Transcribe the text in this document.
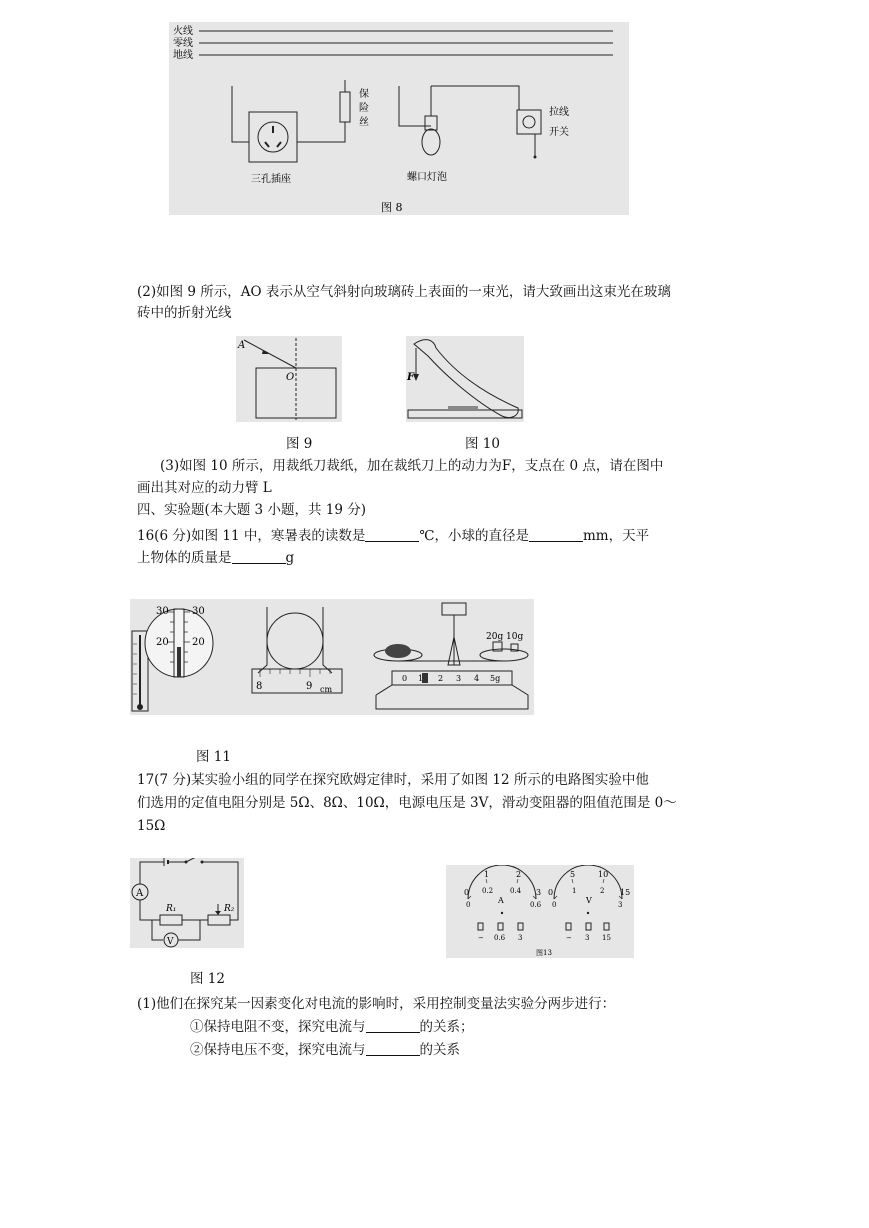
火线
零线
地线
保
险
丝
三孔插座	螺口灯泡
拉线
开关
图 8
(2)如图 9 所示，AO 表示从空气斜射向玻璃砖上表面的一束光，请大致画出这束光在玻璃
砖中的折射光线
A
O
图 9
F
图 10
(3)如图 10 所示，用裁纸刀裁纸，加在裁纸刀上的动力为F，支点在 0 点，请在图中
画出其对应的动力臂 L
四、实验题(本大题 3 小题，共 19 分)
16(6 分)如图 11 中，寒暑表的读数是	℃，小球的直径是	mm，天平
上物体的质量是	g
30 30
20 20
8	9 cm
20g 10g
0 1 2 3 4 5g
图 11
17(7 分)某实验小组的同学在探究欧姆定律时，采用了如图 12 所示的电路图实验中他
们选用的定值电阻分别是 5Ω、8Ω、10Ω，电源电压是 3V，滑动变阻器的阻值范围是 0～
15Ω
A
R₁	R₂
V
图 12
0
1	2
3
0
0.2 0.4
0.6
A
− 0.6 3
0
5	10
15
0
1	2
3
V
− 3 15
图13
(1)他们在探究某一因素变化对电流的影响时，采用控制变量法实验分两步进行：
①保持电阻不变，探究电流与	的关系；
②保持电压不变，探究电流与	的关系
